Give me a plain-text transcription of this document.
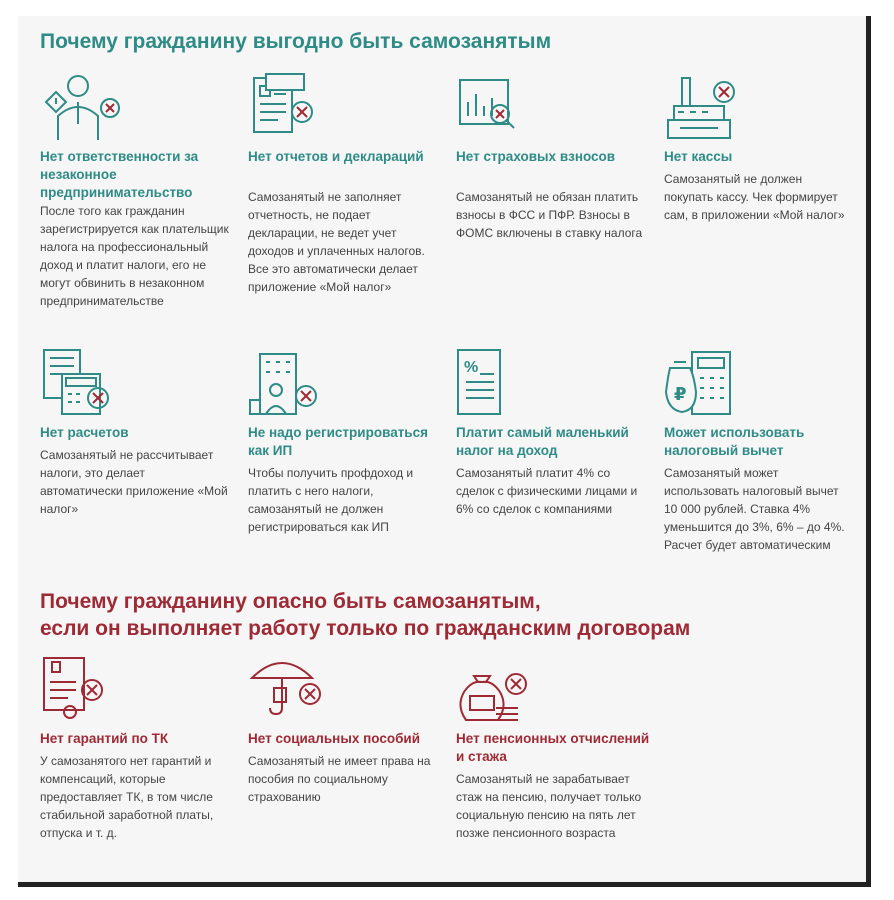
Почему гражданину выгодно быть самозанятым
Нет ответственности за незаконное предпринимательство
После того как гражданин зарегистрируется как плательщик налога на профессиональный доход и платит налоги, его не могут обвинить в незаконном предпринимательстве
Нет отчетов и деклараций
Самозанятый не заполняет отчетность, не подает декларации, не ведет учет доходов и уплаченных налогов. Все это автоматически делает приложение «Мой налог»
Нет страховых взносов
Самозанятый не обязан платить взносы в ФСС и ПФР. Взносы в ФОМС включены в ставку налога
Нет кассы
Самозанятый не должен покупать кассу. Чек формирует сам, в приложении «Мой налог»
Нет расчетов
Самозанятый не рассчитывает налоги, это делает автоматически приложение «Мой налог»
Не надо регистрироваться как ИП
Чтобы получить профдоход и платить с него налоги, самозанятый не должен регистрироваться как ИП
%
Платит самый маленький налог на доход
Самозанятый платит 4% со сделок с физическими лицами и 6% со сделок с компаниями
₽
Может использовать налоговый вычет
Самозанятый может использовать налоговый вычет 10 000 рублей. Ставка 4% уменьшится до 3%, 6% – до 4%. Расчет будет автоматическим
Почему гражданину опасно быть самозанятым,
если он выполняет работу только по гражданским договорам
Нет гарантий по ТК
У самозанятого нет гарантий и компенсаций, которые предоставляет ТК, в том числе стабильной заработной платы, отпуска и т. д.
Нет социальных пособий
Самозанятый не имеет права на пособия по социальному страхованию
Нет пенсионных отчислений и стажа
Самозанятый не зарабатывает стаж на пенсию, получает только социальную пенсию на пять лет позже пенсионного возраста
